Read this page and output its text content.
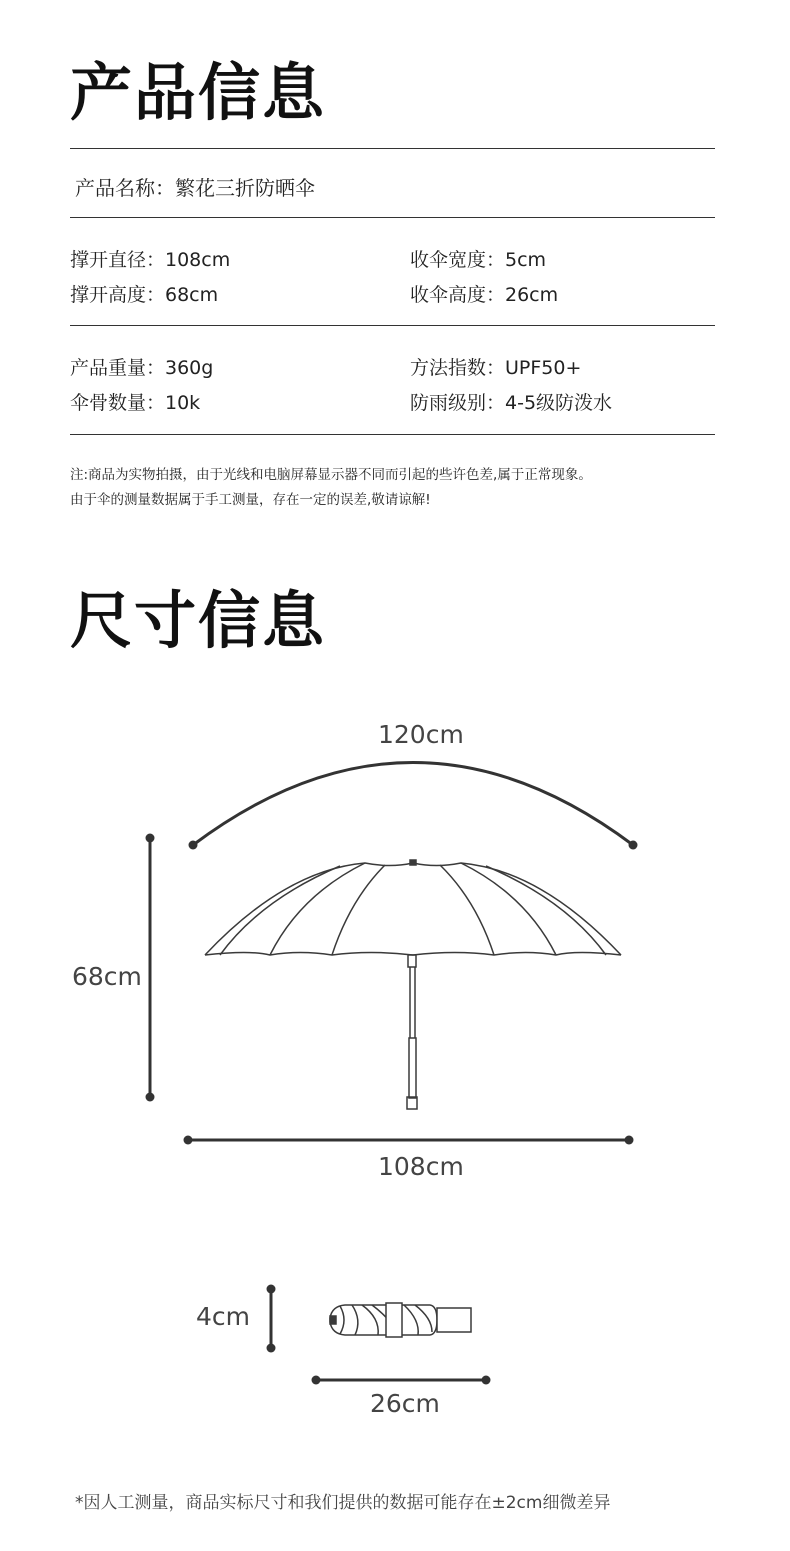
产品信息
产品名称：繁花三折防晒伞
撑开直径：108cm	收伞宽度：5cm
撑开高度：68cm	收伞高度：26cm
产品重量：360g	方法指数：UPF50+
伞骨数量：10k	防雨级别：4-5级防泼水
注:商品为实物拍摄，由于光线和电脑屏幕显示器不同而引起的些许色差,属于正常现象。
由于伞的测量数据属于手工测量，存在一定的误差,敬请谅解!
尺寸信息
120cm
68cm
108cm
4cm
26cm
*因人工测量，商品实标尺寸和我们提供的数据可能存在±2cm细微差异
